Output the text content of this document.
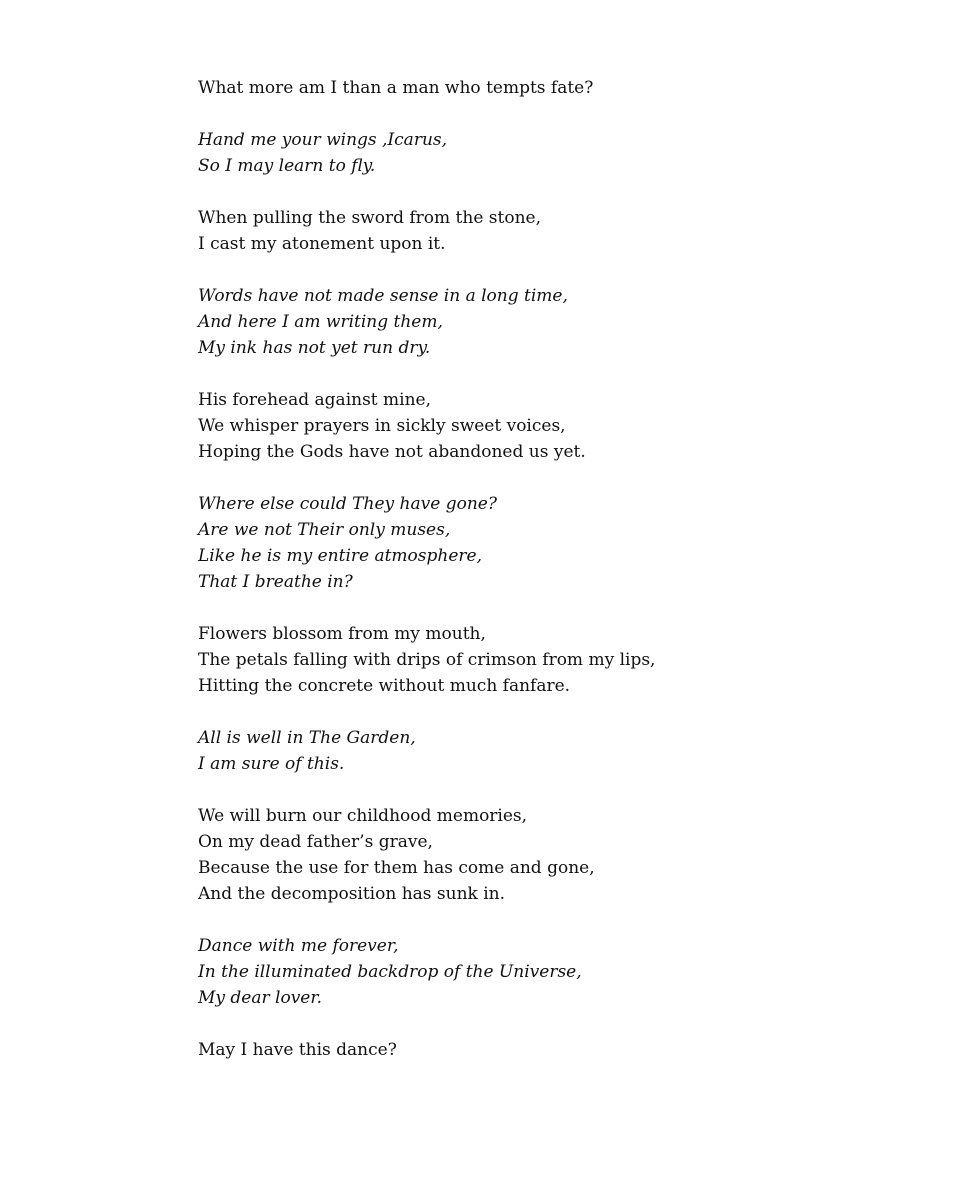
What more am I than a man who tempts fate?
Hand me your wings ,Icarus,
So I may learn to fly.
When pulling the sword from the stone,
I cast my atonement upon it.
Words have not made sense in a long time,
And here I am writing them,
My ink has not yet run dry.
His forehead against mine,
We whisper prayers in sickly sweet voices,
Hoping the Gods have not abandoned us yet.
Where else could They have gone?
Are we not Their only muses,
Like he is my entire atmosphere,
That I breathe in?
Flowers blossom from my mouth,
The petals falling with drips of crimson from my lips,
Hitting the concrete without much fanfare.
All is well in The Garden,
I am sure of this.
We will burn our childhood memories,
On my dead father’s grave,
Because the use for them has come and gone,
And the decomposition has sunk in.
Dance with me forever,
In the illuminated backdrop of the Universe,
My dear lover.
May I have this dance?
